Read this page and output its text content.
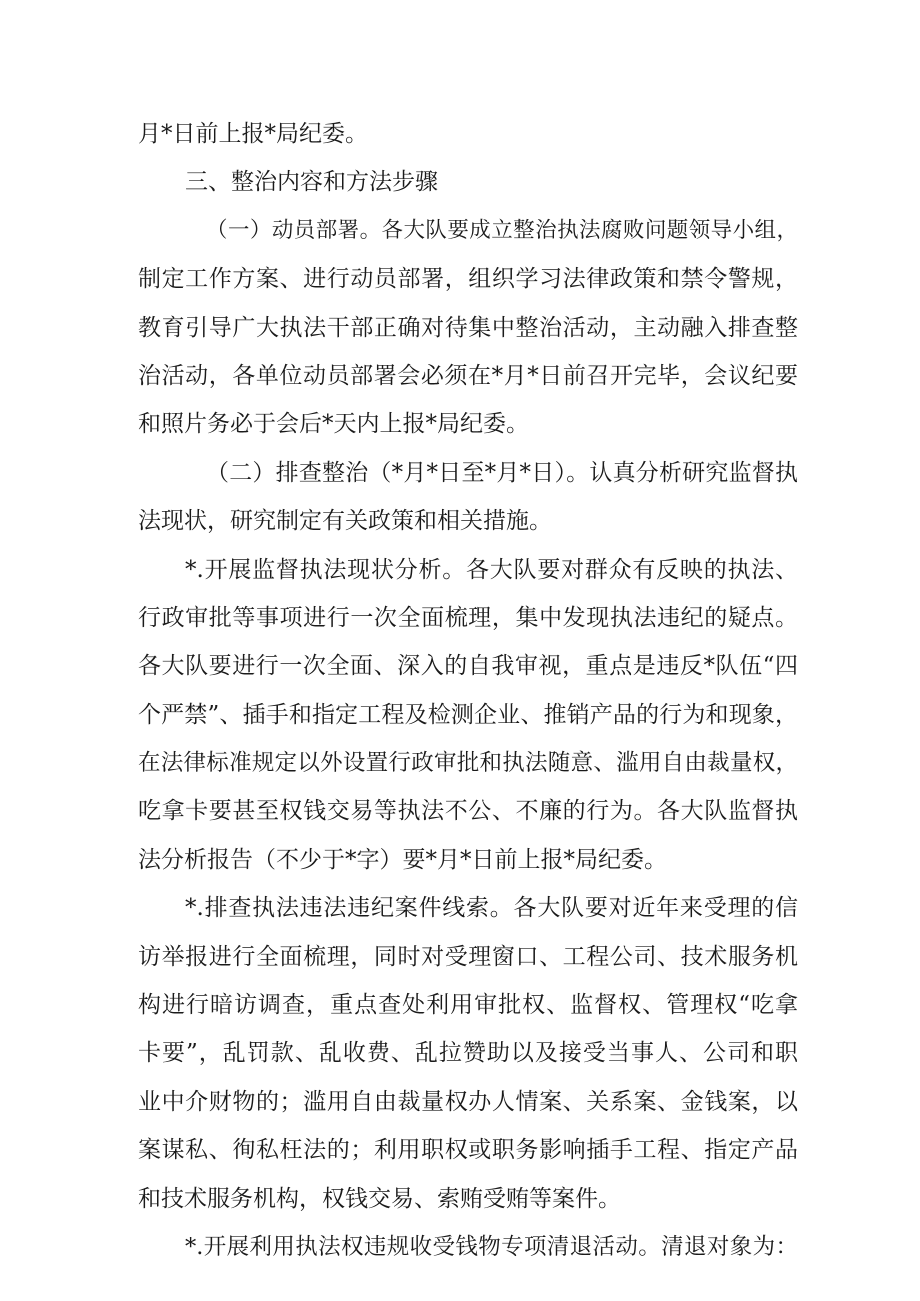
月*日前上报*局纪委。
三、整治内容和方法步骤
（一）动员部署。各大队要成立整治执法腐败问题领导小组，
制定工作方案、进行动员部署，组织学习法律政策和禁令警规，
教育引导广大执法干部正确对待集中整治活动，主动融入排查整
治活动，各单位动员部署会必须在*月*日前召开完毕，会议纪要
和照片务必于会后*天内上报*局纪委。
（二）排查整治（*月*日至*月*日）。认真分析研究监督执
法现状，研究制定有关政策和相关措施。
*.开展监督执法现状分析。各大队要对群众有反映的执法、
行政审批等事项进行一次全面梳理，集中发现执法违纪的疑点。
各大队要进行一次全面、深入的自我审视，重点是违反*队伍“四
个严禁”、插手和指定工程及检测企业、推销产品的行为和现象，
在法律标准规定以外设置行政审批和执法随意、滥用自由裁量权，
吃拿卡要甚至权钱交易等执法不公、不廉的行为。各大队监督执
法分析报告（不少于*字）要*月*日前上报*局纪委。
*.排查执法违法违纪案件线索。各大队要对近年来受理的信
访举报进行全面梳理，同时对受理窗口、工程公司、技术服务机
构进行暗访调查，重点查处利用审批权、监督权、管理权“吃拿
卡要”，乱罚款、乱收费、乱拉赞助以及接受当事人、公司和职
业中介财物的；滥用自由裁量权办人情案、关系案、金钱案，以
案谋私、徇私枉法的；利用职权或职务影响插手工程、指定产品
和技术服务机构，权钱交易、索贿受贿等案件。
*.开展利用执法权违规收受钱物专项清退活动。清退对象为：
